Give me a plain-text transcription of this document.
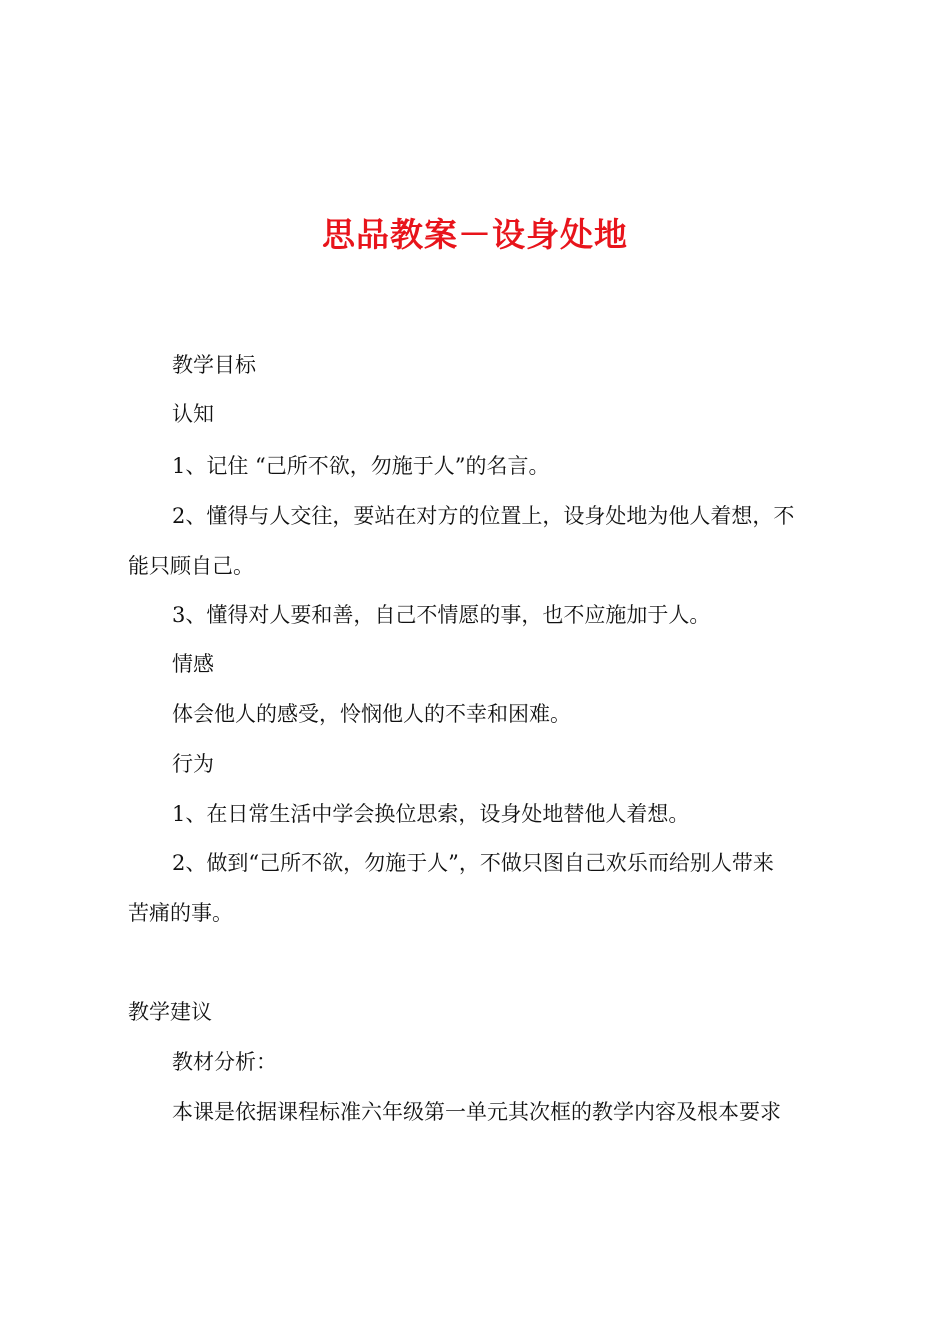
思品教案－设身处地

教学目标

认知

1、记住 “己所不欲，勿施于人”的名言。

2、懂得与人交往，要站在对方的位置上，设身处地为他人着想，不

能只顾自己。

3、懂得对人要和善，自己不情愿的事，也不应施加于人。

情感

体会他人的感受，怜悯他人的不幸和困难。

行为

1、在日常生活中学会换位思索，设身处地替他人着想。

2、做到“己所不欲，勿施于人”，不做只图自己欢乐而给别人带来

苦痛的事。

教学建议

教材分析：

本课是依据课程标准六年级第一单元其次框的教学内容及根本要求
